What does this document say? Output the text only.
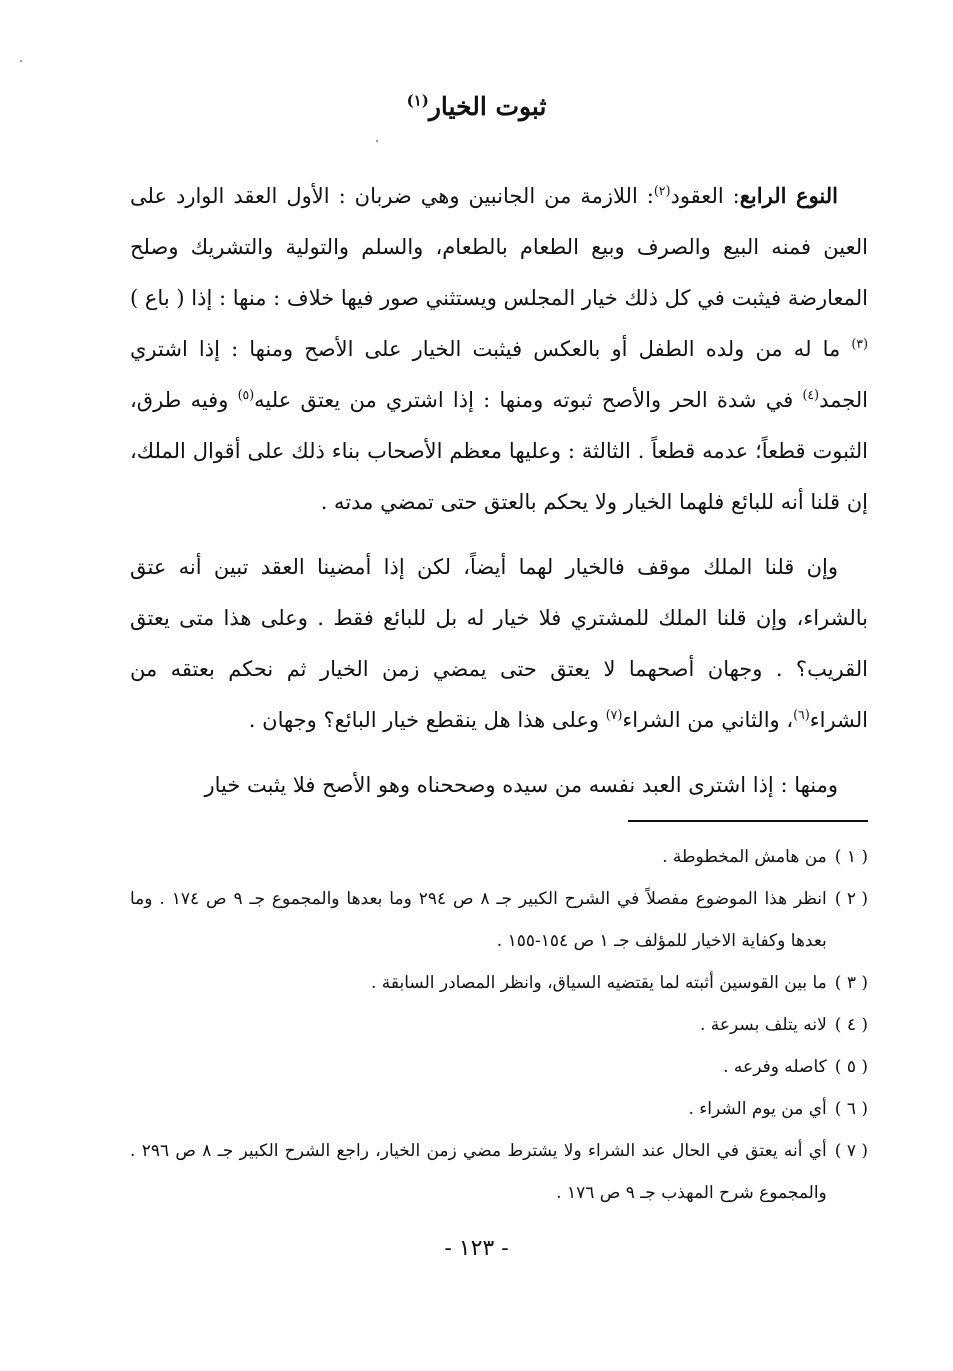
ثبوت الخيار$^{(١)}$

النوع الرابع: العقود$^{(٢)}$: اللازمة من الجانبين وهي ضربان : الأول العقد الوارد على العين فمنه البيع والصرف وبيع الطعام بالطعام، والسلم والتولية والتشريك وصلح المعارضة فيثبت في كل ذلك خيار المجلس ويستثني صور فيها خلاف : منها : إذا ( باع )$^{(٣)}$ ما له من ولده الطفل أو بالعكس فيثبت الخيار على الأصح ومنها : إذا اشتري الجمد$^{(٤)}$ في شدة الحر والأصح ثبوته ومنها : إذا اشتري من يعتق عليه$^{(٥)}$ وفيه طرق، الثبوت قطعاً؛ عدمه قطعاً . الثالثة : وعليها معظم الأصحاب بناء ذلك على أقوال الملك، إن قلنا أنه للبائع فلهما الخيار ولا يحكم بالعتق حتى تمضي مدته .

وإن قلنا الملك موقف فالخيار لهما أيضاً، لكن إذا أمضينا العقد تبين أنه عتق بالشراء، وإن قلنا الملك للمشتري فلا خيار له بل للبائع فقط . وعلى هذا متى يعتق القريب؟ . وجهان أصحهما لا يعتق حتى يمضي زمن الخيار ثم نحكم بعتقه من الشراء$^{(٦)}$، والثاني من الشراء$^{(٧)}$ وعلى هذا هل ينقطع خيار البائع؟ وجهان .

ومنها : إذا اشترى العبد نفسه من سيده وصححناه وهو الأصح فلا يثبت خيار

( ١ )
من هامش المخطوطة .
( ٢ )
انظر هذا الموضوع مفصلاً في الشرح الكبير جـ ٨ ص ٢٩٤ وما بعدها والمجموع جـ ٩ ص ١٧٤ . وما بعدها وكفاية الاخيار للمؤلف جـ ١ ص ١٥٤-١٥٥ .
( ٣ )
ما بين القوسين أثبته لما يقتضيه السياق، وانظر المصادر السابقة .
( ٤ )
لانه يتلف بسرعة .
( ٥ )
كاصله وفرعه .
( ٦ )
أي من يوم الشراء .
( ٧ )
أي أنه يعتق في الحال عند الشراء ولا يشترط مضي زمن الخيار، راجع الشرح الكبير جـ ٨ ص ٢٩٦ . والمجموع شرح المهذب جـ ٩ ص ١٧٦ .
- ١٢٣ -
